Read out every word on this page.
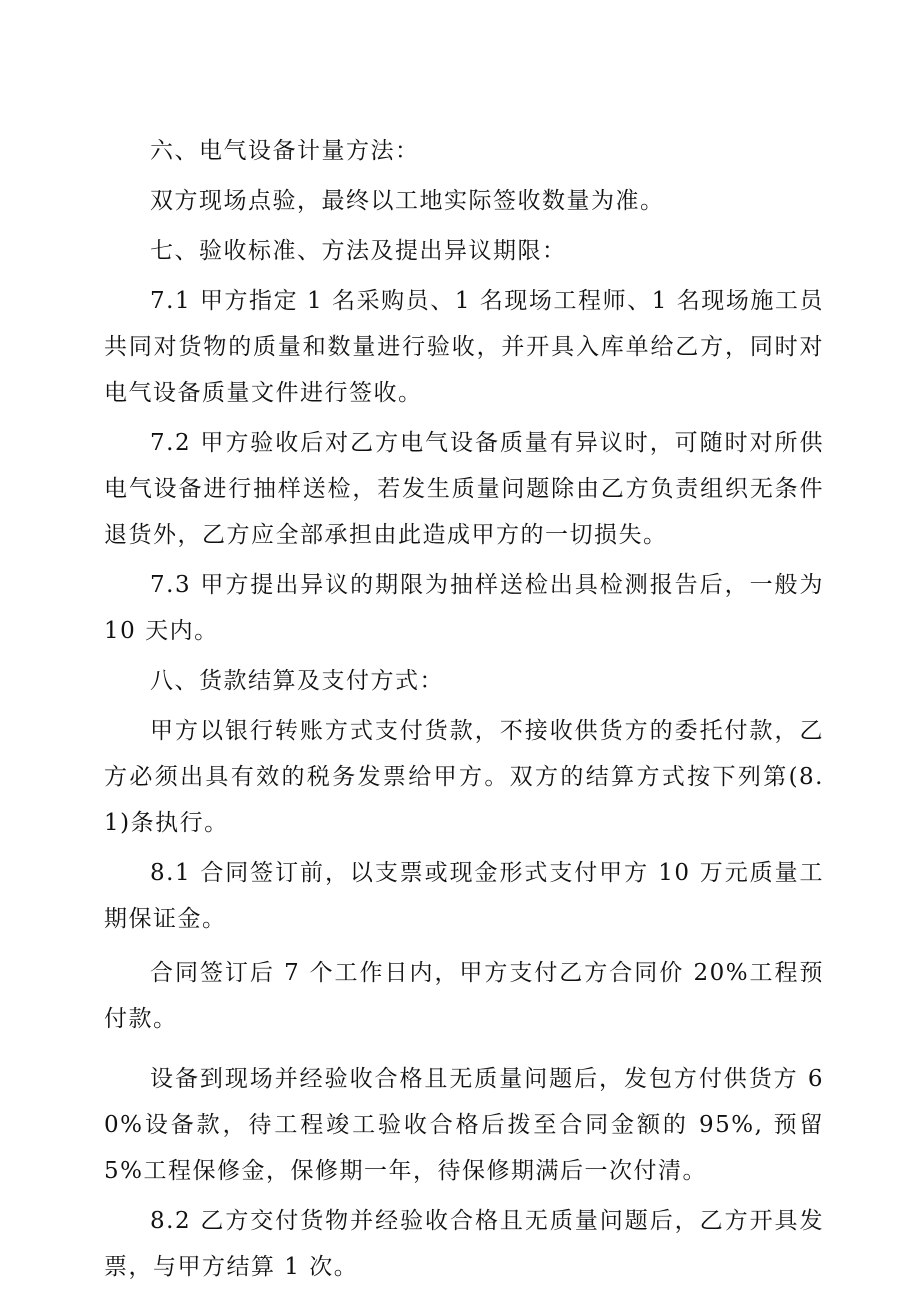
六、电气设备计量方法：

双方现场点验，最终以工地实际签收数量为准。

七、验收标准、方法及提出异议期限：

7.1 甲方指定 1 名采购员、1 名现场工程师、1 名现场施工员共同对货物的质量和数量进行验收，并开具入库单给乙方，同时对电气设备质量文件进行签收。

7.2 甲方验收后对乙方电气设备质量有异议时，可随时对所供电气设备进行抽样送检，若发生质量问题除由乙方负责组织无条件退货外，乙方应全部承担由此造成甲方的一切损失。

7.3 甲方提出异议的期限为抽样送检出具检测报告后，一般为 10 天内。

八、货款结算及支付方式：

甲方以银行转账方式支付货款，不接收供货方的委托付款，乙方必须出具有效的税务发票给甲方。双方的结算方式按下列第(8.1)条执行。

8.1 合同签订前，以支票或现金形式支付甲方 10 万元质量工期保证金。

合同签订后 7 个工作日内，甲方支付乙方合同价 20%工程预付款。

设备到现场并经验收合格且无质量问题后，发包方付供货方 60%设备款，待工程竣工验收合格后拨至合同金额的 95%, 预留 5%工程保修金，保修期一年，待保修期满后一次付清。

8.2 乙方交付货物并经验收合格且无质量问题后，乙方开具发票，与甲方结算 1 次。
